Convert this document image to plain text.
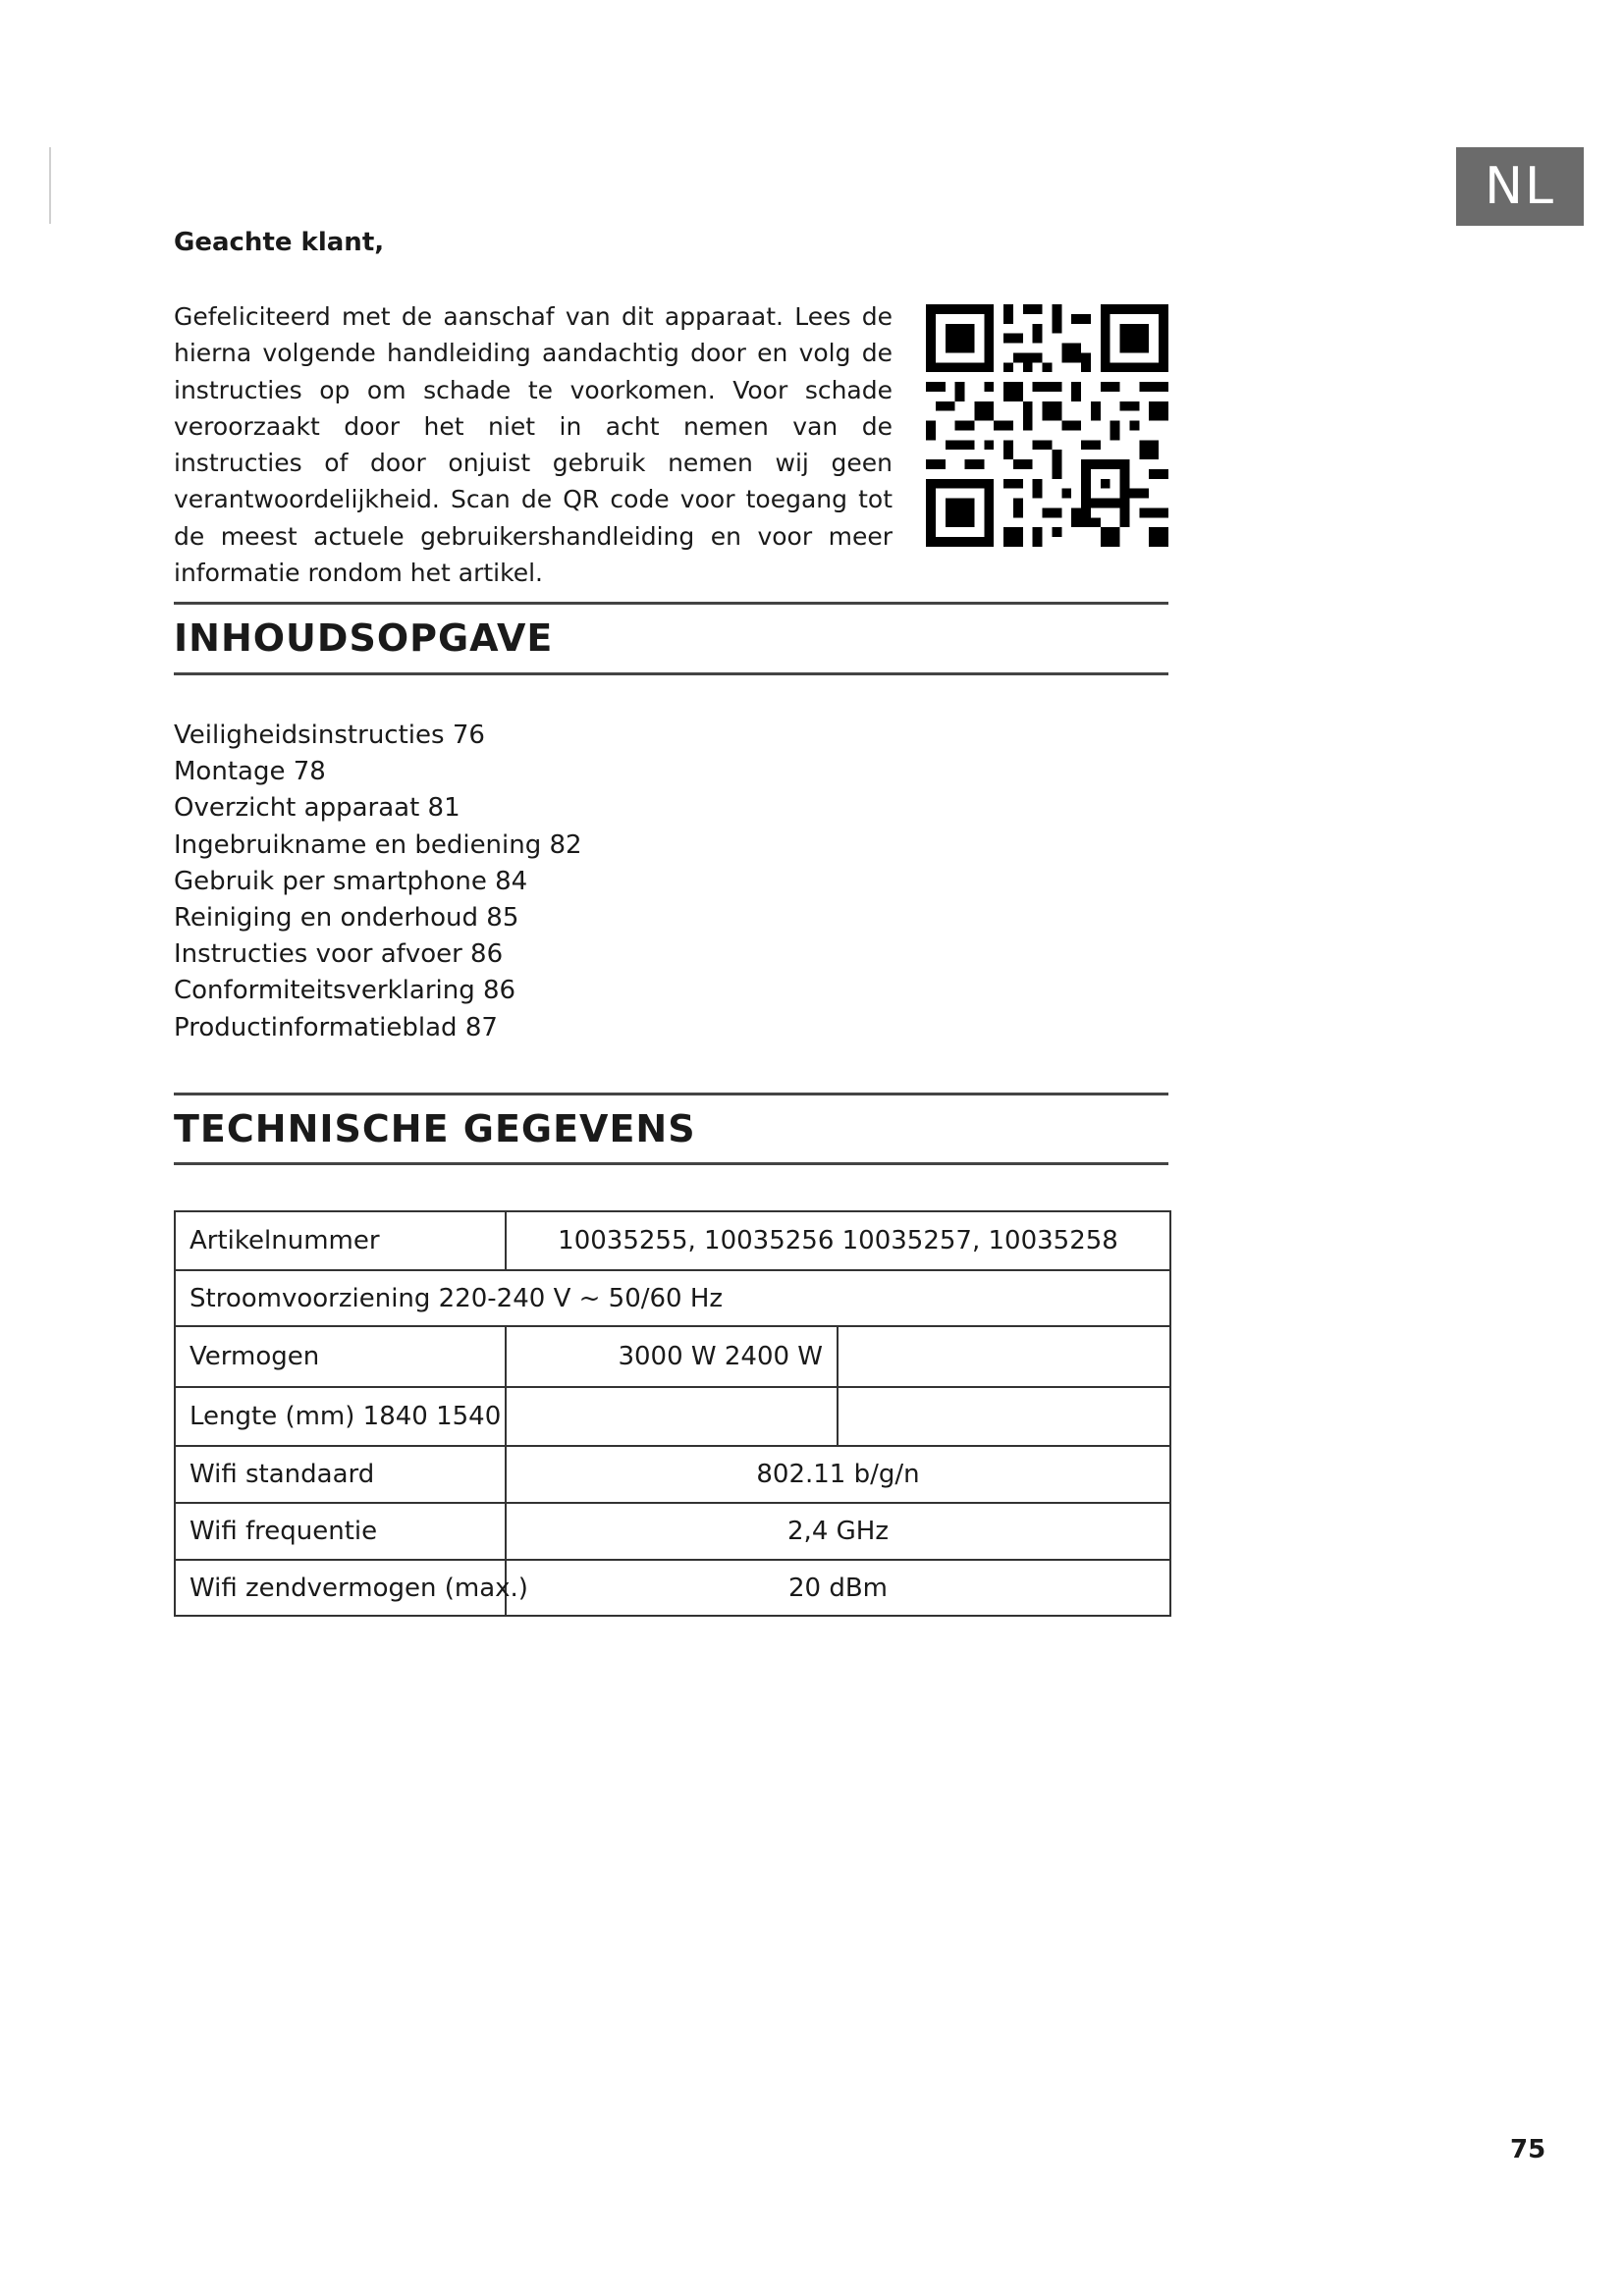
NL
Geachte klant,
Gefeliciteerd met de aanschaf van dit apparaat. Lees de hierna volgende handleiding aandachtig door en volg de instructies op om schade te voorkomen. Voor schade veroorzaakt door het niet in acht nemen van de instructies of door onjuist gebruik nemen wij geen verantwoordelijkheid. Scan de QR code voor toegang tot de meest actuele gebruikershandleiding en voor meer informatie rondom het artikel.
INHOUDSOPGAVE
Veiligheidsinstructies 76
Montage 78
Overzicht apparaat 81
Ingebruikname en bediening 82
Gebruik per smartphone 84
Reiniging en onderhoud 85
Instructies voor afvoer 86
Conformiteitsverklaring 86
Productinformatieblad 87
TECHNISCHE GEGEVENS
Artikelnummer	10035255, 10035256 10035257, 10035258	
Stroomvoorziening 220-240 V ~ 50/60 Hz		
Vermogen	3000 W 2400 W	
Lengte (mm) 1840 1540		
Wifi standaard	802.11 b/g/n	
Wifi frequentie	2,4 GHz	
Wifi zendvermogen (max.)	20 dBm	
75
